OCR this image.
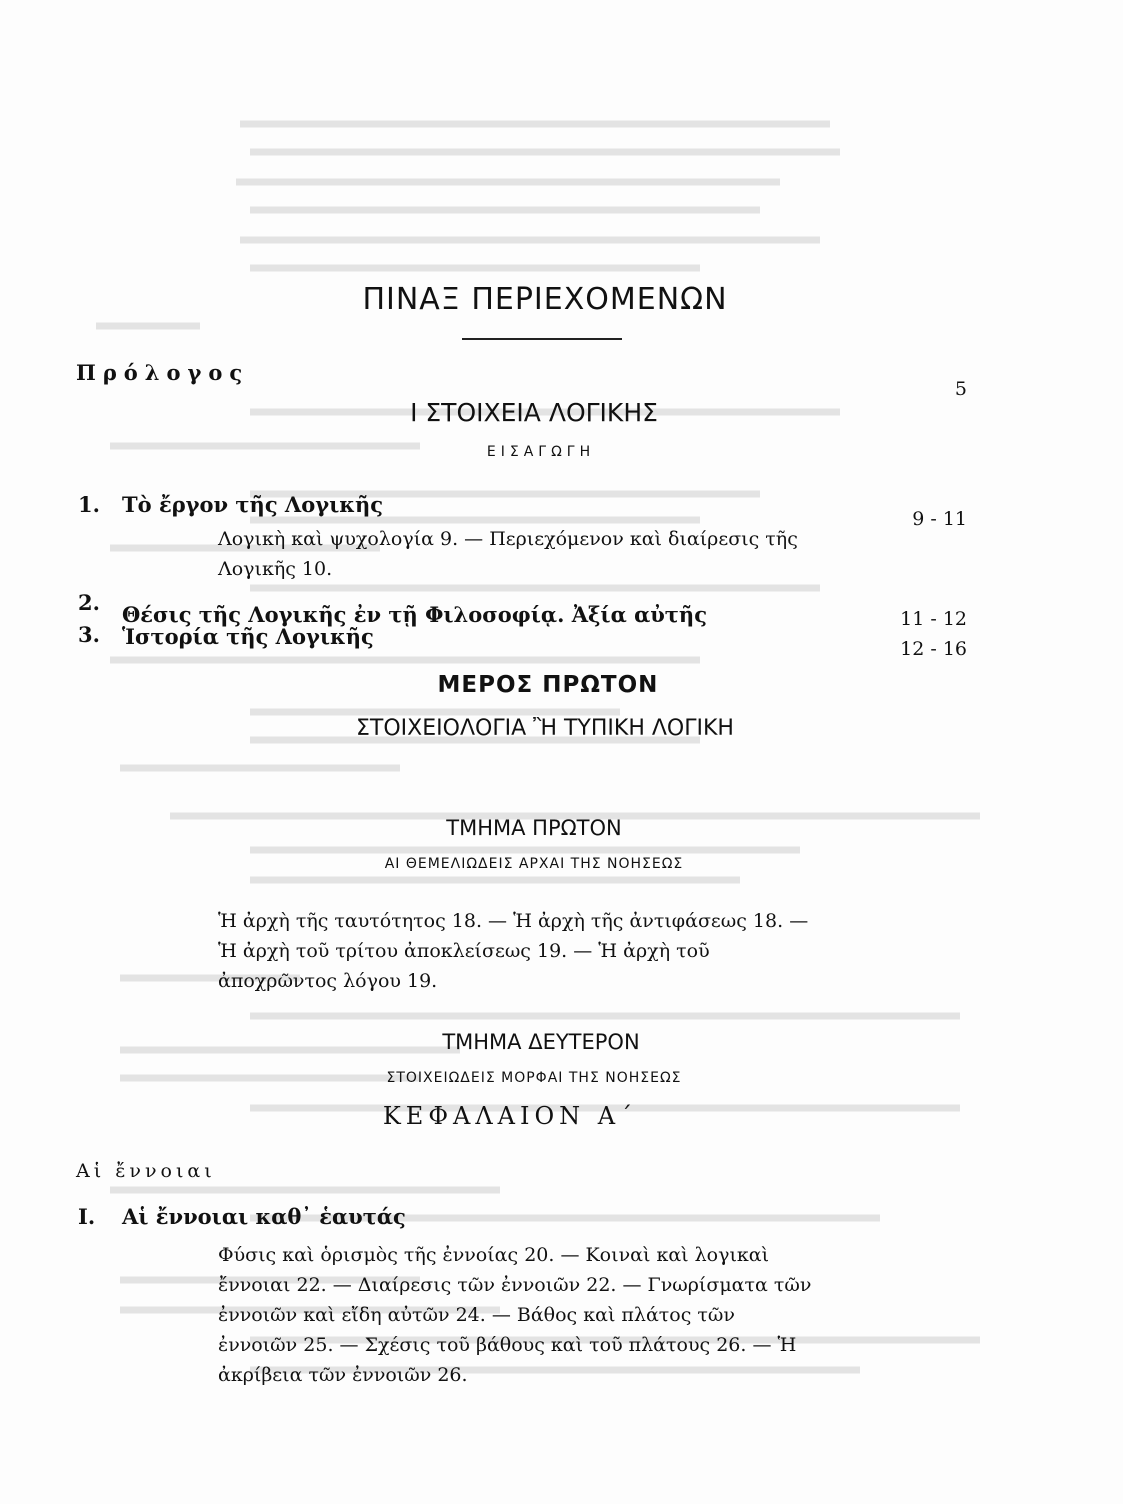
ΠΙΝΑΞ ΠΕΡΙΕΧΟΜΕΝΩΝ
Πρόλογος
5
Ι ΣΤΟΙΧΕΙΑ ΛΟΓΙΚΗΣ
ΕΙΣΑΓΩΓΗ
1. Τὸ ἔργον τῆς Λογικῆς
9 - 11
Λογικὴ καὶ ψυχολογία 9. — Περιεχόμενον καὶ διαίρεσις τῆς Λογικῆς 10.
2. Θέσις τῆς Λογικῆς ἐν τῇ Φιλοσοφίᾳ. Ἀξία αὐτῆς	11 - 12
3. Ἱστορία τῆς Λογικῆς	12 - 16
ΜΕΡΟΣ ΠΡΩΤΟΝ
ΣΤΟΙΧΕΙΟΛΟΓΙΑ Ἢ ΤΥΠΙΚΗ ΛΟΓΙΚΗ
ΤΜΗΜΑ ΠΡΩΤΟΝ
ΑΙ ΘΕΜΕΛΙΩΔΕΙΣ ΑΡΧΑΙ ΤΗΣ ΝΟΗΣΕΩΣ
Ἡ ἀρχὴ τῆς ταυτότητος 18. — Ἡ ἀρχὴ τῆς ἀντιφάσεως 18. — Ἡ ἀρχὴ τοῦ τρίτου ἀποκλείσεως 19. — Ἡ ἀρχὴ τοῦ ἀποχρῶντος λόγου 19.
ΤΜΗΜΑ ΔΕΥΤΕΡΟΝ
ΣΤΟΙΧΕΙΩΔΕΙΣ ΜΟΡΦΑΙ ΤΗΣ ΝΟΗΣΕΩΣ
ΚΕΦΑΛΑΙΟΝ Α΄
Αἱ ἔννοιαι
Ι. Αἱ ἔννοιαι καθ᾽ ἑαυτάς
Φύσις καὶ ὁρισμὸς τῆς ἐννοίας 20. — Κοιναὶ καὶ λογικαὶ ἔννοιαι 22. — Διαίρεσις τῶν ἐννοιῶν 22. — Γνωρίσματα τῶν ἐννοιῶν καὶ εἴδη αὐτῶν 24. — Βάθος καὶ πλάτος τῶν ἐννοιῶν 25. — Σχέσις τοῦ βάθους καὶ τοῦ πλάτους 26. — Ἡ ἀκρίβεια τῶν ἐννοιῶν 26.
